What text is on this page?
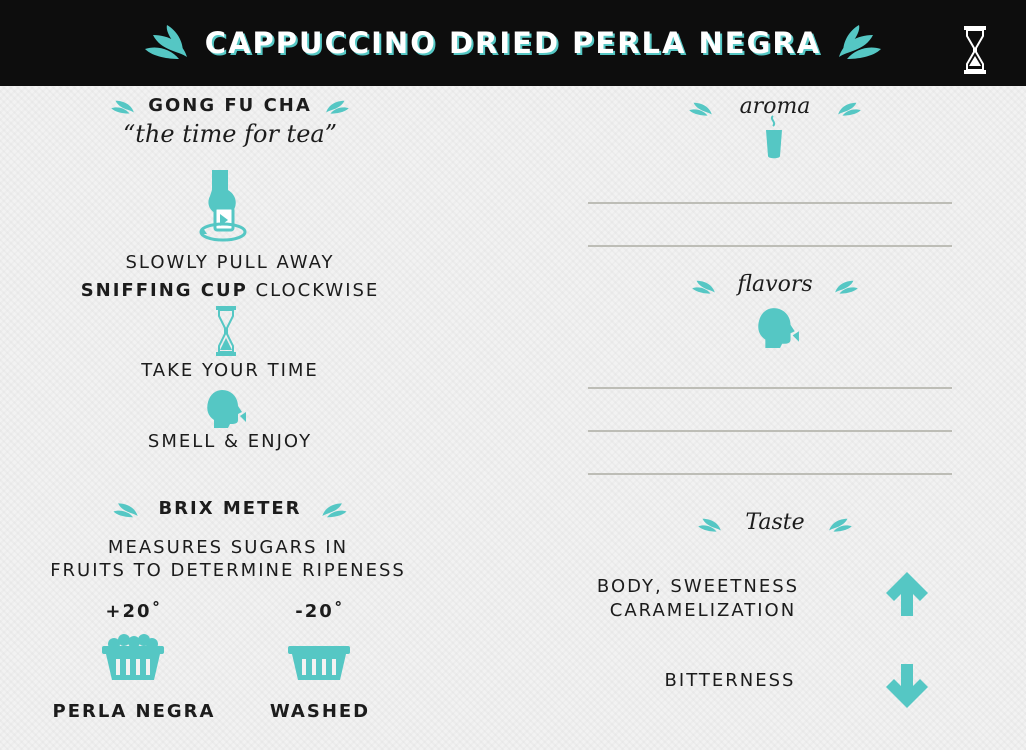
CAPPUCCINO DRIED PERLA NEGRA
GONG FU CHA
“the time for tea”
SLOWLY PULL AWAY
SNIFFING CUP CLOCKWISE
TAKE YOUR TIME
SMELL & ENJOY
BRIX METER
MEASURES SUGARS IN
FRUITS TO DETERMINE RIPENESS
+20˚	-20˚
PERLA NEGRA	WASHED
aroma
flavors
Taste
BODY, SWEETNESS
CARAMELIZATION
BITTERNESS
